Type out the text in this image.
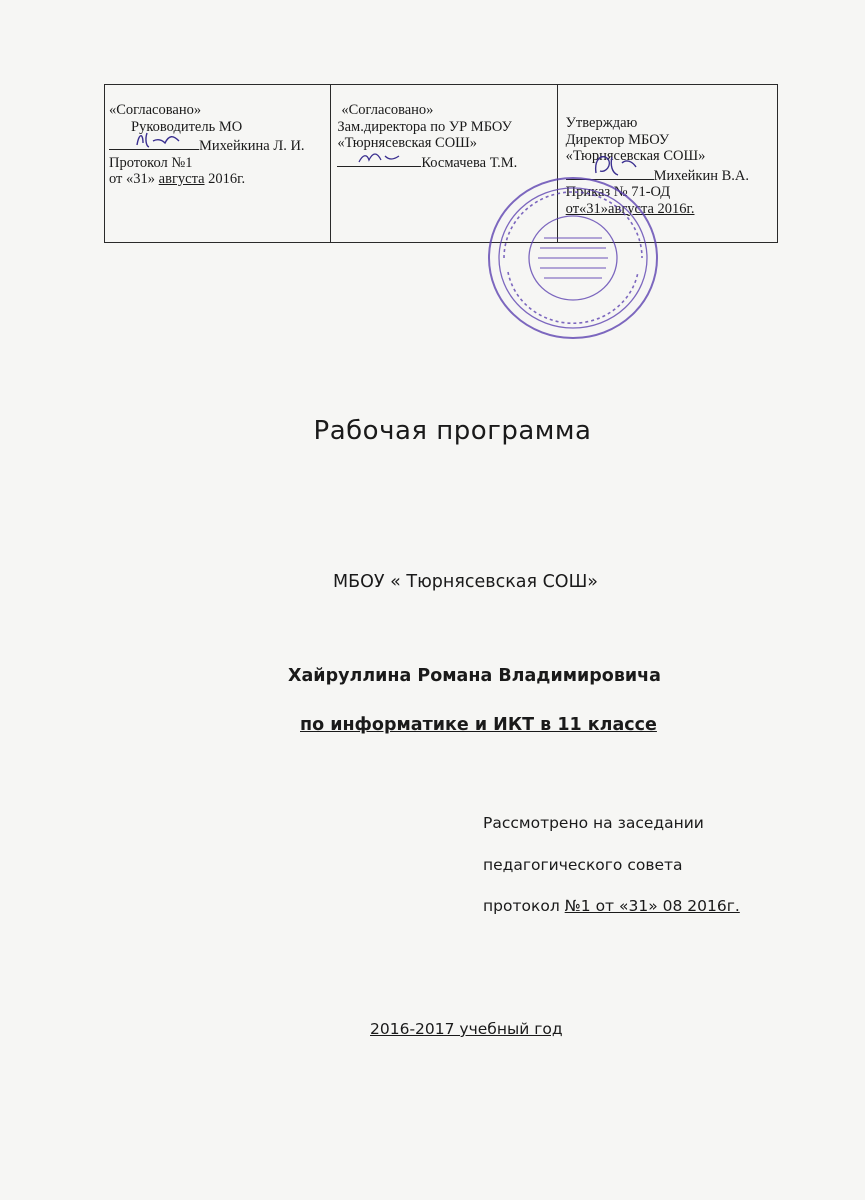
«Согласовано»
Руководитель МО
Михейкина Л. И.
Протокол №1
от «31» августа 2016г.
«Согласовано»
Зам.директора по УР МБОУ
«Тюрнясевская СОШ»
Космачева Т.М.
Утверждаю
Директор МБОУ
«Тюрнясевская СОШ»
Михейкин В.А.
Приказ № 71-ОД
от«31»августа 2016г.
Рабочая программа
МБОУ « Тюрнясевская СОШ»
Хайруллина Романа Владимировича
по информатике и ИКТ в 11 классе
Рассмотрено на заседании
педагогического совета
протокол №1 от «31» 08 2016г.
2016-2017 учебный год
